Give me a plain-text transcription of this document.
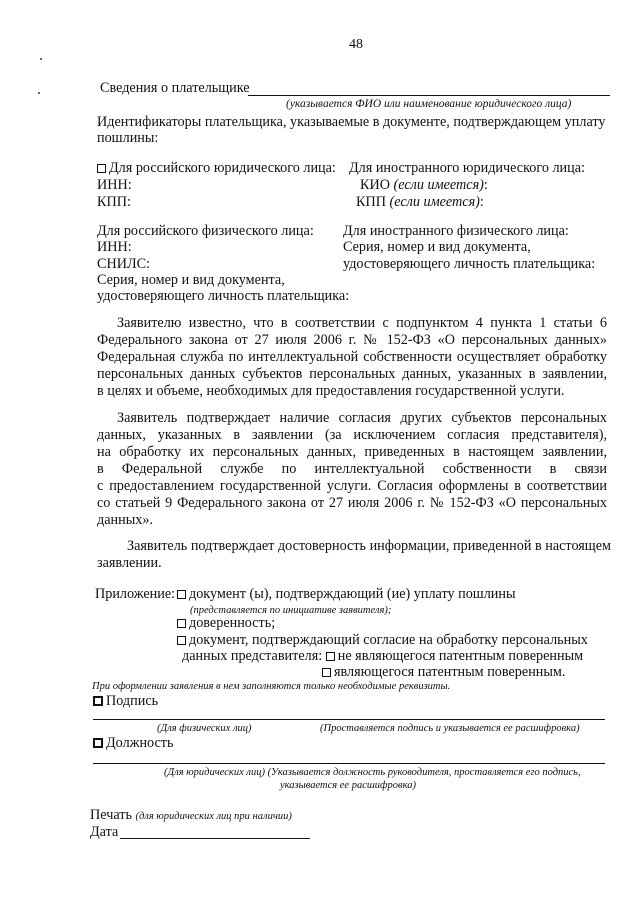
48
Сведения о плательщике
(указывается ФИО или наименование юридического лица)
Идентификаторы плательщика, указываемые в документе, подтверждающем уплату
пошлины:
Для российского юридического лица:
ИНН:
КПП:
Для иностранного юридического лица:
КИО (если имеется):
КПП (если имеется):
Для российского физического лица:
ИНН:
СНИЛС:
Серия, номер и вид документа,
удостоверяющего личность плательщика:
Для иностранного физического лица:
Серия, номер и вид документа,
удостоверяющего личность плательщика:
Заявителю известно, что в соответствии с подпунктом 4 пункта 1 статьи 6
Федерального закона от 27 июля 2006 г. № 152-ФЗ «О персональных данных»
Федеральная служба по интеллектуальной собственности осуществляет обработку
персональных данных субъектов персональных данных, указанных в заявлении,
в целях и объеме, необходимых для предоставления государственной услуги.
Заявитель подтверждает наличие согласия других субъектов персональных
данных, указанных в заявлении (за исключением согласия представителя),
на обработку их персональных данных, приведенных в настоящем заявлении,
в Федеральной службе по интеллектуальной собственности в связи
с предоставлением государственной услуги. Согласия оформлены в соответствии
со статьей 9 Федерального закона от 27 июля 2006 г. № 152-ФЗ «О персональных
данных».
Заявитель подтверждает достоверность информации, приведенной в настоящем
заявлении.
Приложение: документ (ы), подтверждающий (ие) уплату пошлины
(представляется по инициативе заявителя);
доверенность;
документ, подтверждающий согласие на обработку персональных
данных представителя: не являющегося патентным поверенным
являющегося патентным поверенным.
При оформлении заявления в нем заполняются только необходимые реквизиты.
Подпись
(Для физических лиц)	(Проставляется подпись и указывается ее расшифровка)
Должность
(Для юридических лиц) (Указывается должность руководителя, проставляется его подпись,
указывается ее расшифровка)
Печать (для юридических лиц при наличии)
Дата
